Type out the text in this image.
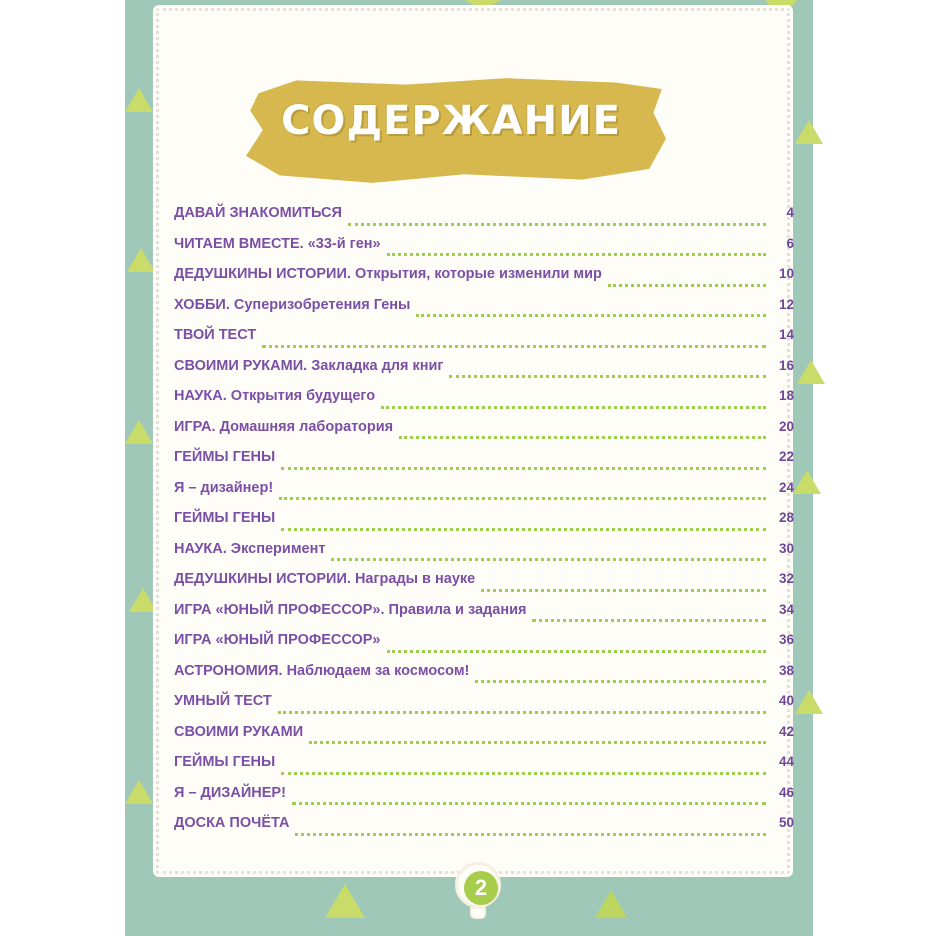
СОДЕРЖАНИЕ
ДАВАЙ ЗНАКОМИТЬСЯ	4
ЧИТАЕМ ВМЕСТЕ. «33-й ген»	6
ДЕДУШКИНЫ ИСТОРИИ. Открытия, которые изменили мир	10
ХОББИ. Суперизобретения Гены	12
ТВОЙ ТЕСТ	14
СВОИМИ РУКАМИ. Закладка для книг	16
НАУКА. Открытия будущего	18
ИГРА. Домашняя лаборатория	20
ГЕЙМЫ ГЕНЫ	22
Я – дизайнер!	24
ГЕЙМЫ ГЕНЫ	28
НАУКА. Эксперимент	30
ДЕДУШКИНЫ ИСТОРИИ. Награды в науке	32
ИГРА «ЮНЫЙ ПРОФЕССОР». Правила и задания	34
ИГРА «ЮНЫЙ ПРОФЕССОР»	36
АСТРОНОМИЯ. Наблюдаем за космосом!	38
УМНЫЙ ТЕСТ	40
СВОИМИ РУКАМИ	42
ГЕЙМЫ ГЕНЫ	44
Я – ДИЗАЙНЕР!	46
ДОСКА ПОЧЁТА	50
2
